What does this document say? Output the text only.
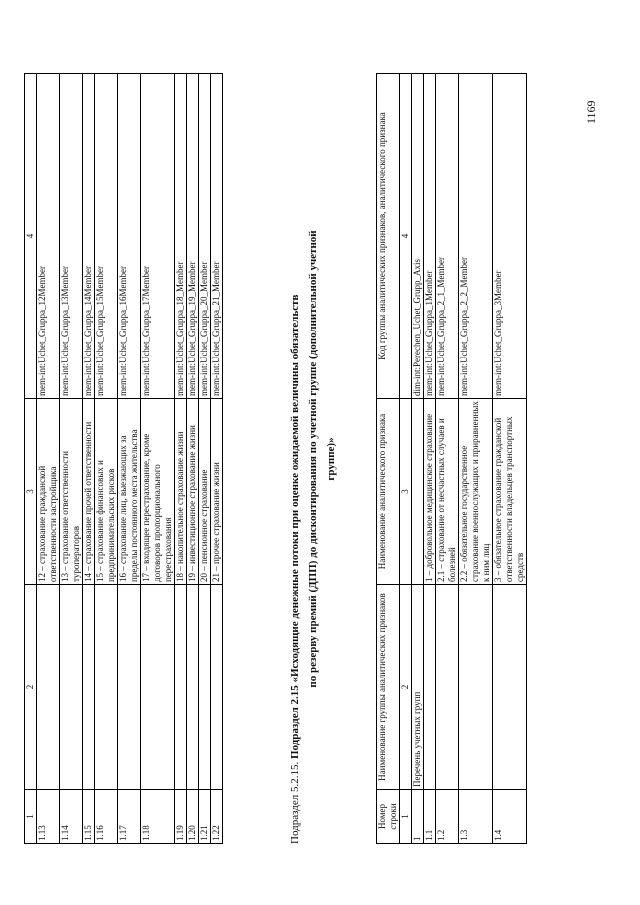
1	2	3	4
1.13		12 – страхование гражданской ответственности застройщика	mem-int:Uchet_Gruppa_12Member
1.14		13 – страхование ответственности туроператоров	mem-int:Uchet_Gruppa_13Member
1.15		14 – страхование прочей ответственности	mem-int:Uchet_Gruppa_14Member
1.16		15 – страхование финансовых и предпринимательских рисков	mem-int:Uchet_Gruppa_15Member
1.17		16 – страхование лиц, выезжающих за пределы постоянного места жительства	mem-int:Uchet_Gruppa_16Member
1.18		17 – входящее перестрахование, кроме договоров пропорционального перестрахования	mem-int:Uchet_Gruppa_17Member
1.19		18 – накопительное страхование жизни	mem-int:Uchet_Gruppa_18_Member
1.20		19 – инвестиционное страхование жизни	mem-int:Uchet_Gruppa_19_Member
1.21		20 – пенсионное страхование	mem-int:Uchet_Gruppa_20_Member
1.22		21 – прочее страхование жизни	mem-int:Uchet_Gruppa_21_Member
Подраздел 5.2.15. Подраздел 2.15 «Исходящие денежные потоки при оценке ожидаемой величины обязательств по резерву премий (ДПП) до дисконтирования по учетной группе (дополнительной учетной группе)»
Номер строки	Наименование группы аналитических признаков	Наименование аналитического признака	Код группы аналитических признаков, аналитического признака
1	2	3	4
1	Перечень учетных групп		dim-int:Perechen_Uchet_Grupp_Axis
1.1		1 – добровольное медицинское страхование	mem-int:Uchet_Gruppa_1Member
1.2		2.1 – страхование от несчастных случаев и болезней	mem-int:Uchet_Gruppa_2_1_Member
1.3		2.2 – обязательное государственное страхование военнослужащих и приравненных к ним лиц	mem-int:Uchet_Gruppa_2_2_Member
1.4		3 – обязательное страхование гражданской ответственности владельцев транспортных средств	mem-int:Uchet_Gruppa_3Member
1169
